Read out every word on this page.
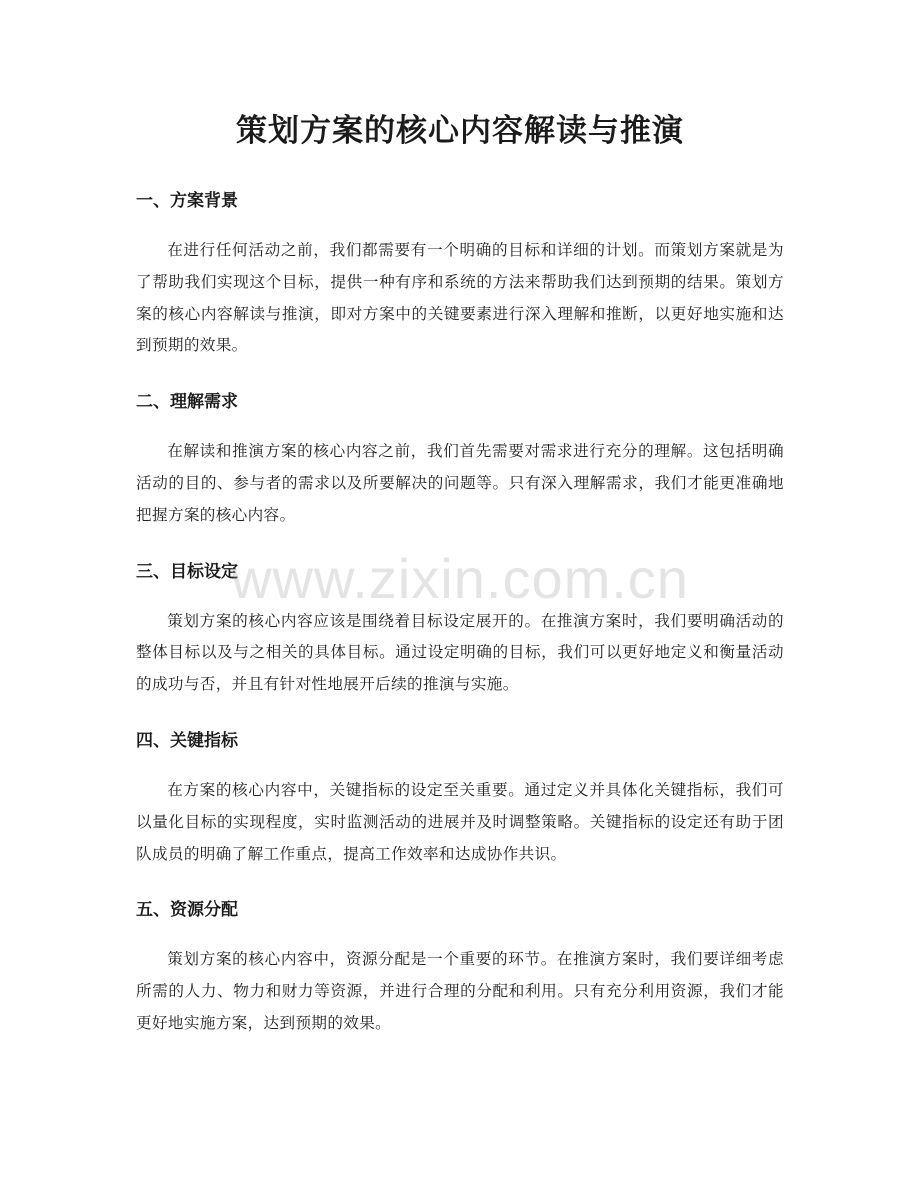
策划方案的核心内容解读与推演
一、方案背景

在进行任何活动之前，我们都需要有一个明确的目标和详细的计划。而策划方案就是为了帮助我们实现这个目标，提供一种有序和系统的方法来帮助我们达到预期的结果。策划方案的核心内容解读与推演，即对方案中的关键要素进行深入理解和推断，以更好地实施和达到预期的效果。

二、理解需求

在解读和推演方案的核心内容之前，我们首先需要对需求进行充分的理解。这包括明确活动的目的、参与者的需求以及所要解决的问题等。只有深入理解需求，我们才能更准确地把握方案的核心内容。

三、目标设定

策划方案的核心内容应该是围绕着目标设定展开的。在推演方案时，我们要明确活动的整体目标以及与之相关的具体目标。通过设定明确的目标，我们可以更好地定义和衡量活动的成功与否，并且有针对性地展开后续的推演与实施。

四、关键指标

在方案的核心内容中，关键指标的设定至关重要。通过定义并具体化关键指标，我们可以量化目标的实现程度，实时监测活动的进展并及时调整策略。关键指标的设定还有助于团队成员的明确了解工作重点，提高工作效率和达成协作共识。

五、资源分配

策划方案的核心内容中，资源分配是一个重要的环节。在推演方案时，我们要详细考虑所需的人力、物力和财力等资源，并进行合理的分配和利用。只有充分利用资源，我们才能更好地实施方案，达到预期的效果。

www.zixin.com.cn
